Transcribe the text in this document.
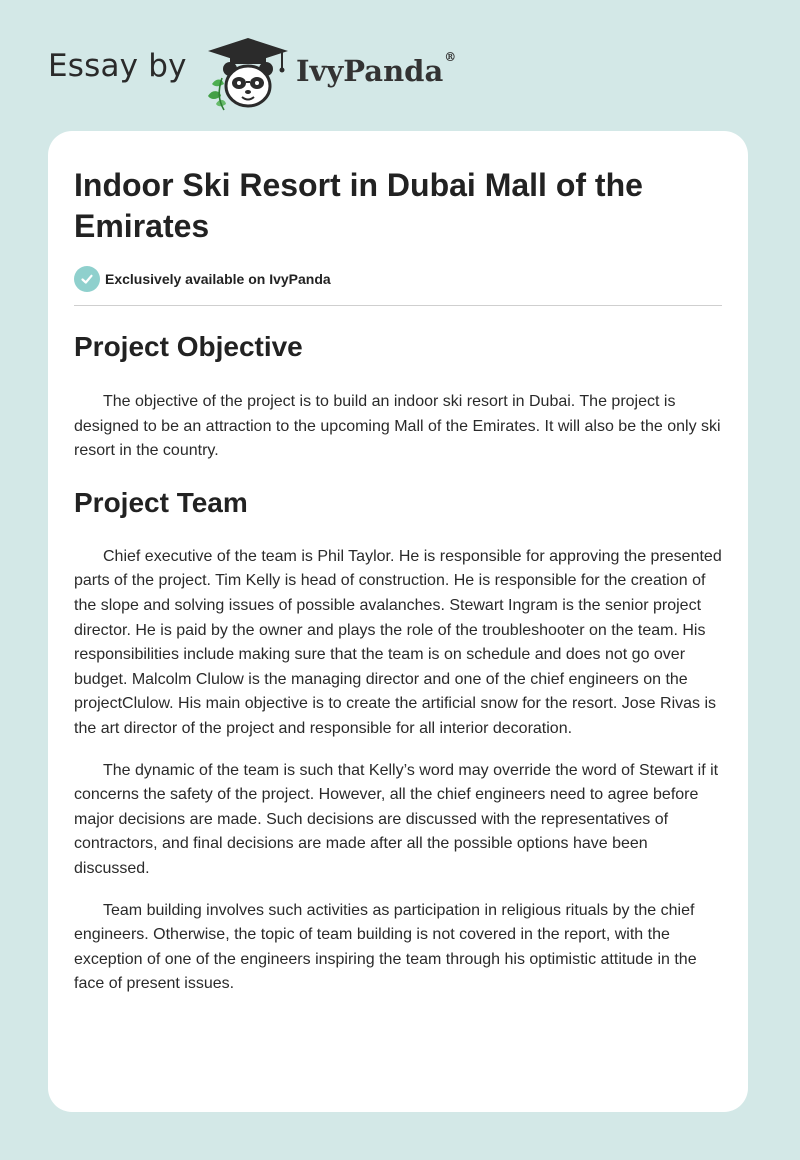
Essay by	IvyPanda®
Indoor Ski Resort in Dubai Mall of the Emirates
Exclusively available on IvyPanda
Project Objective

The objective of the project is to build an indoor ski resort in Dubai. The project is designed to be an attraction to the upcoming Mall of the Emirates. It will also be the only ski resort in the country.

Project Team

Chief executive of the team is Phil Taylor. He is responsible for approving the presented parts of the project. Tim Kelly is head of construction. He is responsible for the creation of the slope and solving issues of possible avalanches. Stewart Ingram is the senior project director. He is paid by the owner and plays the role of the troubleshooter on the team. His responsibilities include making sure that the team is on schedule and does not go over budget. Malcolm Clulow is the managing director and one of the chief engineers on the projectClulow. His main objective is to create the artificial snow for the resort. Jose Rivas is the art director of the project and responsible for all interior decoration.

The dynamic of the team is such that Kelly’s word may override the word of Stewart if it concerns the safety of the project. However, all the chief engineers need to agree before major decisions are made. Such decisions are discussed with the representatives of contractors, and final decisions are made after all the possible options have been discussed.

Team building involves such activities as participation in religious rituals by the chief engineers. Otherwise, the topic of team building is not covered in the report, with the exception of one of the engineers inspiring the team through his optimistic attitude in the face of present issues.
